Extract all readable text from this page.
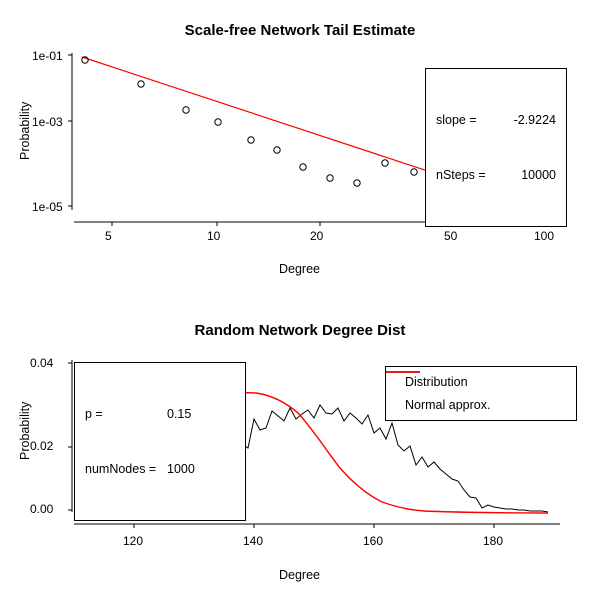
Scale-free Network Tail Estimate
Probability
Degree
1e-01
1e-03
1e-05
5	10	20	50	100

slope =	-2.9224

nSteps =	10000

Random Network Degree Dist
Probability
Degree
0.00
0.02
0.04
120	140	160	180

p =	0.15

numNodes = 1000

Distribution
Normal approx.
